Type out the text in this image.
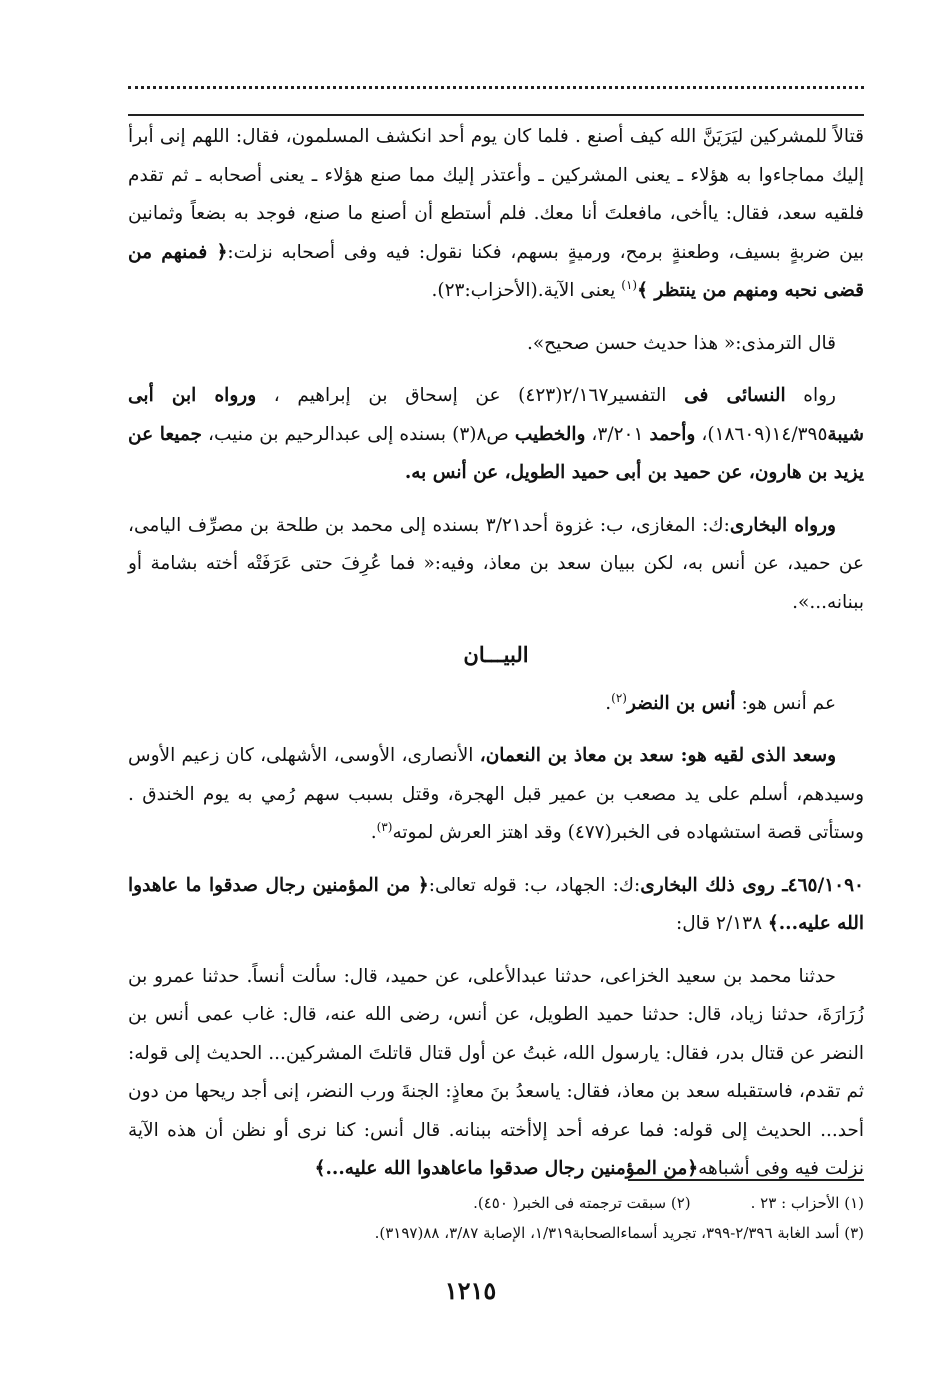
قتالاً للمشركين ليَرَيَنَّ الله كيف أصنع . فلما كان يوم أحد انكشف المسلمون، فقال: اللهم إنى أبرأ إليك مماجاءوا به هؤلاء ـ يعنى المشركين ـ وأعتذر إليك مما صنع هؤلاء ـ يعنى أصحابه ـ ثم تقدم فلقيه سعد، فقال: ياأخى، مافعلتَ أنا معك. فلم أستطع أن أصنع ما صنع، فوجد به بضعاً وثمانين بين ضربةٍ بسيف، وطعنةٍ برمح، ورميةٍ بسهم، فكنا نقول: فيه وفى أصحابه نزلت:﴿ فمنهم من قضى نحبه ومنهم من ينتظر ﴾$^{(١)}$ يعنى الآية.(الأحزاب:٢٣).

قال الترمذى:« هذا حديث حسن صحيح».

رواه النسائى فى التفسير٢/١٦٧(٤٢٣) عن إسحاق بن إبراهيم ، ورواه ابن أبى شيبة١٤/٣٩٥(١٨٦٠٩)، وأحمد ٣/٢٠١، والخطيب ص٨(٣) بسنده إلى عبدالرحيم بن منيب، جميعا عن يزيد بن هارون، عن حميد بن أبى حميد الطويل، عن أنس به.

ورواه البخارى:ك: المغازى، ب: غزوة أحد٣/٢١ بسنده إلى محمد بن طلحة بن مصرِّف اليامى، عن حميد، عن أنس به، لكن ببيان سعد بن معاذ، وفيه:« فما عُرِفَ حتى عَرَفَتْه أخته بشامة أو ببنانه...».

البيـــان

عم أنس هو: أنس بن النضر$^{(٢)}$.

وسعد الذى لقيه هو: سعد بن معاذ بن النعمان، الأنصارى، الأوسى، الأشهلى، كان زعيم الأوس وسيدهم، أسلم على يد مصعب بن عمير قبل الهجرة، وقتل بسبب سهم رُمي به يوم الخندق . وستأتى قصة استشهاده فى الخبر(٤٧٧) وقد اهتز العرش لموته$^{(٣)}$.

٤٦٥/١٠٩٠ـ روى ذلك البخارى:ك: الجهاد، ب: قوله تعالى:﴿ من المؤمنين رجال صدقوا ما عاهدوا الله عليه...﴾ ٢/١٣٨ قال:

حدثنا محمد بن سعيد الخزاعى، حدثنا عبدالأعلى، عن حميد، قال: سألت أنساً. حدثنا عمرو بن زُرَارَةَ، حدثنا زياد، قال: حدثنا حميد الطويل، عن أنس، رضى الله عنه، قال: غاب عمى أنس بن النضر عن قتال بدر، فقال: يارسول الله، غبتُ عن أول قتال قاتلتَ المشركين... الحديث إلى قوله: ثم تقدم، فاستقبله سعد بن معاذ، فقال: ياسعدُ بنَ معاذٍ: الجنةَ ورب النضر، إنى أجد ريحها من دون أحد... الحديث إلى قوله: فما عرفه أحد إلاأخته ببنانه. قال أنس: كنا نرى أو نظن أن هذه الآية نزلت فيه وفى أشباهه﴿من المؤمنين رجال صدقوا ماعاهدوا الله عليه...﴾

(١) الأحزاب : ٢٣ .
(٢) سبقت ترجمته فى الخبر( ٤٥٠).
(٣) أسد الغابة ٢/٣٩٦-٣٩٩، تجريد أسماءالصحابة١/٣١٩، الإصابة ٣/٨٧، ٨٨(٣١٩٧).
١٢١٥
